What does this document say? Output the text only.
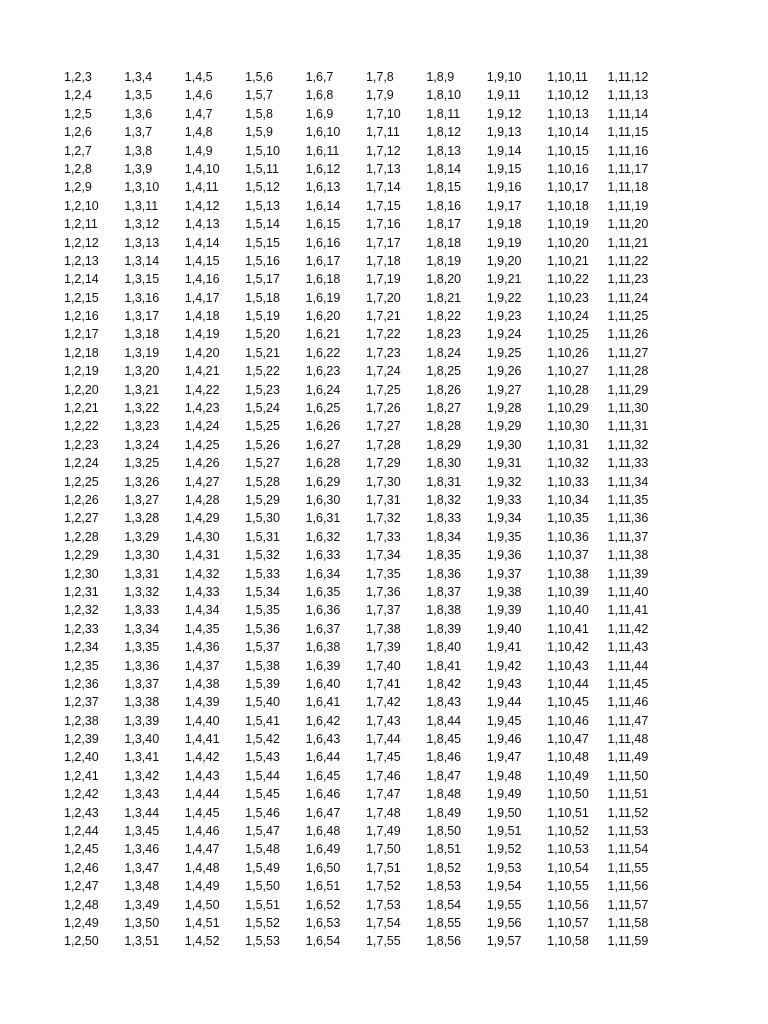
1,2,3
1,2,4
1,2,5
1,2,6
1,2,7
1,2,8
1,2,9
1,2,10
1,2,11
1,2,12
1,2,13
1,2,14
1,2,15
1,2,16
1,2,17
1,2,18
1,2,19
1,2,20
1,2,21
1,2,22
1,2,23
1,2,24
1,2,25
1,2,26
1,2,27
1,2,28
1,2,29
1,2,30
1,2,31
1,2,32
1,2,33
1,2,34
1,2,35
1,2,36
1,2,37
1,2,38
1,2,39
1,2,40
1,2,41
1,2,42
1,2,43
1,2,44
1,2,45
1,2,46
1,2,47
1,2,48
1,2,49
1,2,50
1,3,4
1,3,5
1,3,6
1,3,7
1,3,8
1,3,9
1,3,10
1,3,11
1,3,12
1,3,13
1,3,14
1,3,15
1,3,16
1,3,17
1,3,18
1,3,19
1,3,20
1,3,21
1,3,22
1,3,23
1,3,24
1,3,25
1,3,26
1,3,27
1,3,28
1,3,29
1,3,30
1,3,31
1,3,32
1,3,33
1,3,34
1,3,35
1,3,36
1,3,37
1,3,38
1,3,39
1,3,40
1,3,41
1,3,42
1,3,43
1,3,44
1,3,45
1,3,46
1,3,47
1,3,48
1,3,49
1,3,50
1,3,51
1,4,5
1,4,6
1,4,7
1,4,8
1,4,9
1,4,10
1,4,11
1,4,12
1,4,13
1,4,14
1,4,15
1,4,16
1,4,17
1,4,18
1,4,19
1,4,20
1,4,21
1,4,22
1,4,23
1,4,24
1,4,25
1,4,26
1,4,27
1,4,28
1,4,29
1,4,30
1,4,31
1,4,32
1,4,33
1,4,34
1,4,35
1,4,36
1,4,37
1,4,38
1,4,39
1,4,40
1,4,41
1,4,42
1,4,43
1,4,44
1,4,45
1,4,46
1,4,47
1,4,48
1,4,49
1,4,50
1,4,51
1,4,52
1,5,6
1,5,7
1,5,8
1,5,9
1,5,10
1,5,11
1,5,12
1,5,13
1,5,14
1,5,15
1,5,16
1,5,17
1,5,18
1,5,19
1,5,20
1,5,21
1,5,22
1,5,23
1,5,24
1,5,25
1,5,26
1,5,27
1,5,28
1,5,29
1,5,30
1,5,31
1,5,32
1,5,33
1,5,34
1,5,35
1,5,36
1,5,37
1,5,38
1,5,39
1,5,40
1,5,41
1,5,42
1,5,43
1,5,44
1,5,45
1,5,46
1,5,47
1,5,48
1,5,49
1,5,50
1,5,51
1,5,52
1,5,53
1,6,7
1,6,8
1,6,9
1,6,10
1,6,11
1,6,12
1,6,13
1,6,14
1,6,15
1,6,16
1,6,17
1,6,18
1,6,19
1,6,20
1,6,21
1,6,22
1,6,23
1,6,24
1,6,25
1,6,26
1,6,27
1,6,28
1,6,29
1,6,30
1,6,31
1,6,32
1,6,33
1,6,34
1,6,35
1,6,36
1,6,37
1,6,38
1,6,39
1,6,40
1,6,41
1,6,42
1,6,43
1,6,44
1,6,45
1,6,46
1,6,47
1,6,48
1,6,49
1,6,50
1,6,51
1,6,52
1,6,53
1,6,54
1,7,8
1,7,9
1,7,10
1,7,11
1,7,12
1,7,13
1,7,14
1,7,15
1,7,16
1,7,17
1,7,18
1,7,19
1,7,20
1,7,21
1,7,22
1,7,23
1,7,24
1,7,25
1,7,26
1,7,27
1,7,28
1,7,29
1,7,30
1,7,31
1,7,32
1,7,33
1,7,34
1,7,35
1,7,36
1,7,37
1,7,38
1,7,39
1,7,40
1,7,41
1,7,42
1,7,43
1,7,44
1,7,45
1,7,46
1,7,47
1,7,48
1,7,49
1,7,50
1,7,51
1,7,52
1,7,53
1,7,54
1,7,55
1,8,9
1,8,10
1,8,11
1,8,12
1,8,13
1,8,14
1,8,15
1,8,16
1,8,17
1,8,18
1,8,19
1,8,20
1,8,21
1,8,22
1,8,23
1,8,24
1,8,25
1,8,26
1,8,27
1,8,28
1,8,29
1,8,30
1,8,31
1,8,32
1,8,33
1,8,34
1,8,35
1,8,36
1,8,37
1,8,38
1,8,39
1,8,40
1,8,41
1,8,42
1,8,43
1,8,44
1,8,45
1,8,46
1,8,47
1,8,48
1,8,49
1,8,50
1,8,51
1,8,52
1,8,53
1,8,54
1,8,55
1,8,56
1,9,10
1,9,11
1,9,12
1,9,13
1,9,14
1,9,15
1,9,16
1,9,17
1,9,18
1,9,19
1,9,20
1,9,21
1,9,22
1,9,23
1,9,24
1,9,25
1,9,26
1,9,27
1,9,28
1,9,29
1,9,30
1,9,31
1,9,32
1,9,33
1,9,34
1,9,35
1,9,36
1,9,37
1,9,38
1,9,39
1,9,40
1,9,41
1,9,42
1,9,43
1,9,44
1,9,45
1,9,46
1,9,47
1,9,48
1,9,49
1,9,50
1,9,51
1,9,52
1,9,53
1,9,54
1,9,55
1,9,56
1,9,57
1,10,11
1,10,12
1,10,13
1,10,14
1,10,15
1,10,16
1,10,17
1,10,18
1,10,19
1,10,20
1,10,21
1,10,22
1,10,23
1,10,24
1,10,25
1,10,26
1,10,27
1,10,28
1,10,29
1,10,30
1,10,31
1,10,32
1,10,33
1,10,34
1,10,35
1,10,36
1,10,37
1,10,38
1,10,39
1,10,40
1,10,41
1,10,42
1,10,43
1,10,44
1,10,45
1,10,46
1,10,47
1,10,48
1,10,49
1,10,50
1,10,51
1,10,52
1,10,53
1,10,54
1,10,55
1,10,56
1,10,57
1,10,58
1,11,12
1,11,13
1,11,14
1,11,15
1,11,16
1,11,17
1,11,18
1,11,19
1,11,20
1,11,21
1,11,22
1,11,23
1,11,24
1,11,25
1,11,26
1,11,27
1,11,28
1,11,29
1,11,30
1,11,31
1,11,32
1,11,33
1,11,34
1,11,35
1,11,36
1,11,37
1,11,38
1,11,39
1,11,40
1,11,41
1,11,42
1,11,43
1,11,44
1,11,45
1,11,46
1,11,47
1,11,48
1,11,49
1,11,50
1,11,51
1,11,52
1,11,53
1,11,54
1,11,55
1,11,56
1,11,57
1,11,58
1,11,59
